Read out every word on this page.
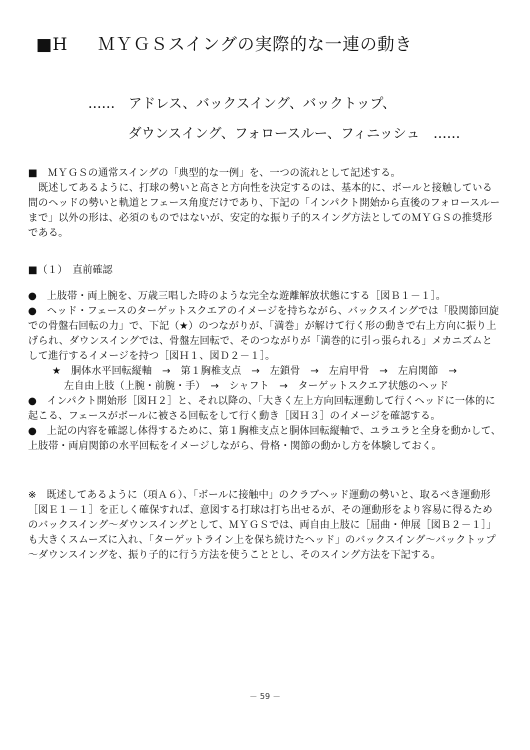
■H ＭＹＧＳスイングの実際的な一連の動き
……　アドレス、バックスイング、バックトップ、
ダウンスイング、フォロースルー、フィニッシュ　……
■　ＭＹＧＳの通常スイングの「典型的な一例」を、一つの流れとして記述する。
　既述してあるように、打球の勢いと高さと方向性を決定するのは、基本的に、ボールと接触している間のヘッドの勢いと軌道とフェース角度だけであり、下記の「インパクト開始から直後のフォロースルーまで」以外の形は、必須のものではないが、安定的な振り子的スイング方法としてのＭＹＧＳの推奨形である。
■（１）　直前確認
●　上肢帯・両上腕を、万歳三唱した時のような完全な遊離解放状態にする［図Ｂ１－１］。
●　ヘッド・フェースのターゲットスクエアのイメージを持ちながら、バックスイングでは「股関節回旋での骨盤右回転の力」で、下記（★）のつながりが、「満巻」が解けて行く形の動きで右上方向に振り上げられ、ダウンスイングでは、骨盤左回転で、そのつながりが「満巻的に引っ張られる」メカニズムとして進行するイメージを持つ［図Ｈ１、図Ｄ２－１］。
★　胴体水平回転縦軸　→　第１胸椎支点　→　左鎖骨　→　左肩甲骨　→　左肩関節　→
左自由上肢（上腕・前腕・手）　→　シャフト　→　ターゲットスクエア状態のヘッド
●　インパクト開始形［図Ｈ２］と、それ以降の、「大きく左上方向回転運動して行くヘッドに一体的に起こる、フェースがボールに被さる回転をして行く動き［図Ｈ３］のイメージを確認する。
●　上記の内容を確認し体得するために、第１胸椎支点と胴体回転縦軸で、ユラユラと全身を動かして、上肢帯・両肩関節の水平回転をイメージしながら、骨格・関節の動かし方を体験しておく。
※　既述してあるように（項Ａ６）、「ボールに接触中」のクラブヘッド運動の勢いと、取るべき運動形［図Ｅ１－１］を正しく確保すれば、意図する打球は打ち出せるが、その運動形をより容易に得るためのバックスイング～ダウンスイングとして、ＭＹＧＳでは、両自由上肢に［屈曲・伸展［図Ｂ２－１］」も大きくスムーズに入れ、「ターゲットライン上を保ち続けたヘッド」のバックスイング～バックトップ～ダウンスイングを、振り子的に行う方法を使うこととし、そのスイング方法を下記する。
－ 59 －
